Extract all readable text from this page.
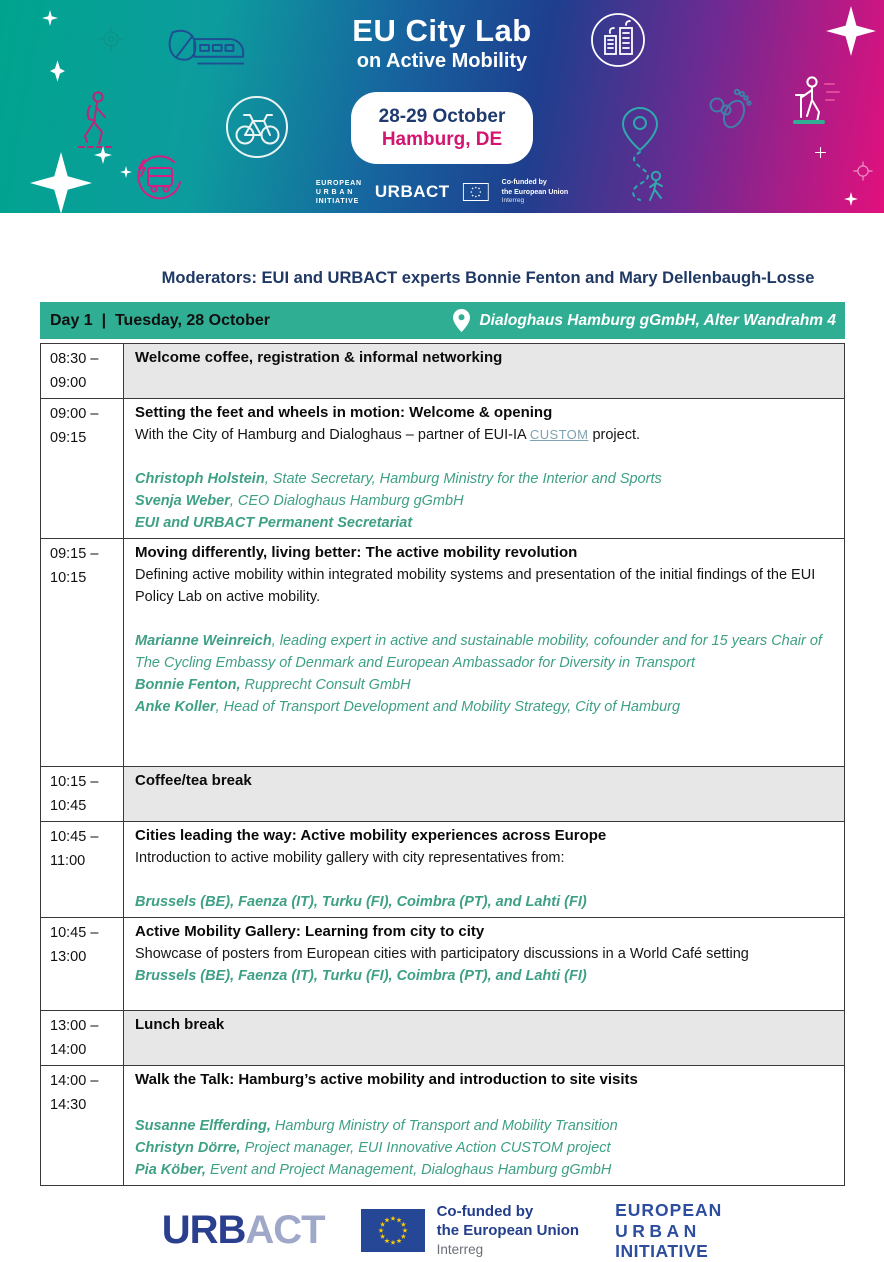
EU City Lab
on Active Mobility
28-29 October
Hamburg, DE
EUROPEAN
URBAN
INITIATIVE
URBACT	Co-funded by
the European Union
Interreg
Moderators: EUI and URBACT experts Bonnie Fenton and Mary Dellenbaugh-Losse
Day 1  |  Tuesday, 28 October	Dialoghaus Hamburg gGmbH, Alter Wandrahm 4
08:30 –
09:00
Welcome coffee, registration & informal networking
09:00 –
09:15
Setting the feet and wheels in motion: Welcome & opening
With the City of Hamburg and Dialoghaus – partner of EUI-IA CUSTOM project.
Christoph Holstein, State Secretary, Hamburg Ministry for the Interior and Sports
Svenja Weber, CEO Dialoghaus Hamburg gGmbH
EUI and URBACT Permanent Secretariat
09:15 –
10:15
Moving differently, living better: The active mobility revolution
Defining active mobility within integrated mobility systems and presentation of the initial findings of the EUI Policy Lab on active mobility.
Marianne Weinreich, leading expert in active and sustainable mobility, cofounder and for 15 years Chair of The Cycling Embassy of Denmark and European Ambassador for Diversity in Transport
Bonnie Fenton, Rupprecht Consult GmbH
Anke Koller, Head of Transport Development and Mobility Strategy, City of Hamburg
10:15 –
10:45
Coffee/tea break
10:45 –
11:00
Cities leading the way: Active mobility experiences across Europe
Introduction to active mobility gallery with city representatives from:
Brussels (BE), Faenza (IT), Turku (FI), Coimbra (PT), and Lahti (FI)
10:45 –
13:00
Active Mobility Gallery: Learning from city to city
Showcase of posters from European cities with participatory discussions in a World Café setting
Brussels (BE), Faenza (IT), Turku (FI), Coimbra (PT), and Lahti (FI)
13:00 –
14:00
Lunch break
14:00 –
14:30
Walk the Talk: Hamburg’s active mobility and introduction to site visits
Susanne Elfferding, Hamburg Ministry of Transport and Mobility Transition
Christyn Dörre, Project manager, EUI Innovative Action CUSTOM project
Pia Köber, Event and Project Management, Dialoghaus Hamburg gGmbH
URBACT	Co-funded by
the European Union
Interreg
EUROPEAN
URBAN
INITIATIVE
